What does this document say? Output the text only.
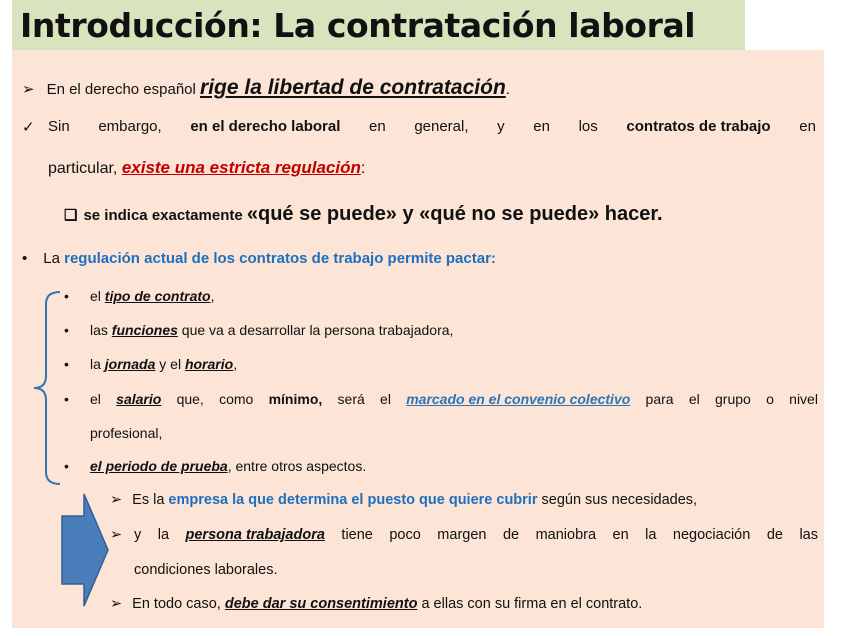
Introducción: La contratación laboral
➢ En el derecho español rige la libertad de contratación.
✓ Sin embargo, en el derecho laboral en general, y en los contratos de trabajo en
particular, existe una estricta regulación:
❑ se indica exactamente «qué se puede» y «qué no se puede» hacer.
• La regulación actual de los contratos de trabajo permite pactar:
• el tipo de contrato,
• las funciones que va a desarrollar la persona trabajadora,
• la jornada y el horario,
• el salario que, como mínimo, será el marcado en el convenio colectivo para el grupo o nivel
profesional,
• el periodo de prueba, entre otros aspectos.
➢ Es la empresa la que determina el puesto que quiere cubrir según sus necesidades,
➢ y la persona trabajadora tiene poco margen de maniobra en la negociación de las
condiciones laborales.
➢ En todo caso, debe dar su consentimiento a ellas con su firma en el contrato.
